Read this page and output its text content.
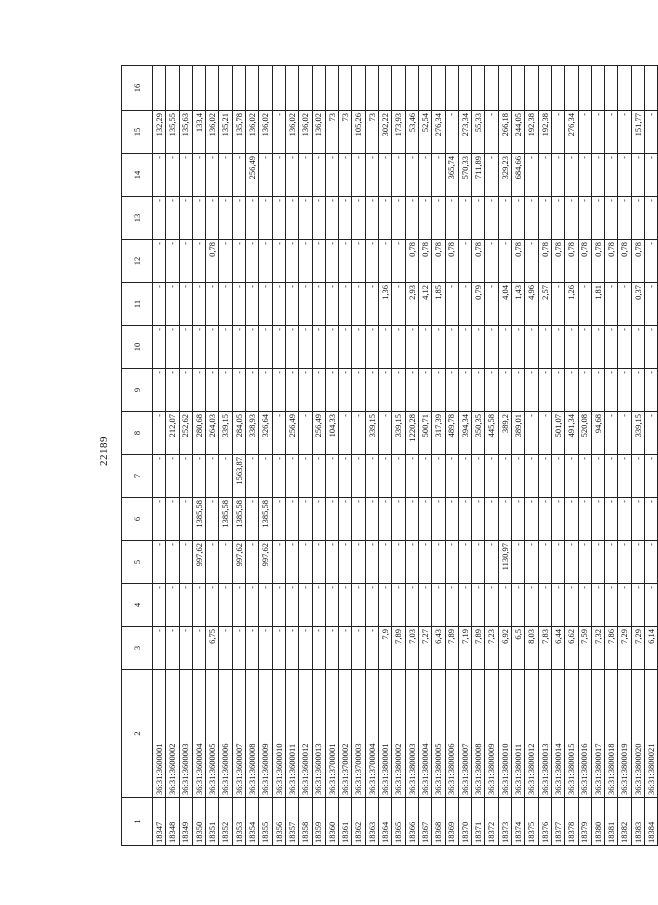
22189
1	2	3	4	5	6	7	8	9	10	11	12	13	14	15	16
18347	36:31:3600001	-	-	-	-	-	-	-	-	-	-	-	-	132,29	
18348	36:31:3600002	-	-	-	-	-	212,07	-	-	-	-	-	-	135,55	
18349	36:31:3600003	-	-	-	-	-	252,62	-	-	-	-	-	-	135,63	
18350	36:31:3600004	-	-	997,62	1385,58	-	280,68	-	-	-	-	-	-	133,4	
18351	36:31:3600005	6,75	-	-	-	-	264,03	-	-	-	0,78	-	-	136,02	
18352	36:31:3600006	-	-	-	1385,58	-	339,15	-	-	-	-	-	-	135,21	
18353	36:31:3600007	-	-	997,62	1385,58	1563,87	284,05	-	-	-	-	-	-	135,78	
18354	36:31:3600008	-	-	-	-	-	338,93	-	-	-	-	-	256,49	136,02	
18355	36:31:3600009	-	-	997,62	1385,58	-	326,64	-	-	-	-	-	-	136,02	
18356	36:31:3600010	-	-	-	-	-	-	-	-	-	-	-	-	-	
18357	36:31:3600011	-	-	-	-	-	256,49	-	-	-	-	-	-	136,02	
18358	36:31:3600012	-	-	-	-	-	-	-	-	-	-	-	-	136,02	
18359	36:31:3600013	-	-	-	-	-	256,49	-	-	-	-	-	-	136,02	
18360	36:31:3700001	-	-	-	-	-	104,33	-	-	-	-	-	-	73	
18361	36:31:3700002	-	-	-	-	-	-	-	-	-	-	-	-	73	
18362	36:31:3700003	-	-	-	-	-	-	-	-	-	-	-	-	105,26	
18363	36:31:3700004	-	-	-	-	-	339,15	-	-	-	-	-	-	73	
18364	36:31:3800001	7,9	-	-	-	-	-	-	-	1,36	-	-	-	302,22	
18365	36:31:3800002	7,89	-	-	-	-	339,15	-	-	-	-	-	-	173,93	
18366	36:31:3800003	7,03	-	-	-	-	1220,28	-	-	2,93	0,78	-	-	53,46	
18367	36:31:3800004	7,27	-	-	-	-	500,71	-	-	4,12	0,78	-	-	52,54	
18368	36:31:3800005	6,43	-	-	-	-	317,39	-	-	1,85	0,78	-	-	276,34	
18369	36:31:3800006	7,89	-	-	-	-	489,78	-	-	-	0,78	-	365,74	-	
18370	36:31:3800007	7,19	-	-	-	-	394,34	-	-	-	-	-	570,33	273,34	
18371	36:31:3800008	7,89	-	-	-	-	350,35	-	-	0,79	0,78	-	711,89	55,33	
18372	36:31:3800009	7,23	-	-	-	-	445,58	-	-	-	-	-	-	-	
18373	36:31:3800010	6,92	-	1130,97	-	-	389,2	-	-	4,04	-	-	329,23	266,18	
18374	36:31:3800011	6,5	-	-	-	-	389,01	-	-	1,43	0,78	-	684,66	244,05	
18375	36:31:3800012	8,03	-	-	-	-	-	-	-	4,96	-	-	-	192,38	
18376	36:31:3800013	7,83	-	-	-	-	-	-	-	2,57	0,78	-	-	192,38	
18377	36:31:3800014	6,44	-	-	-	-	501,07	-	-	-	0,78	-	-	-	
18378	36:31:3800015	6,62	-	-	-	-	491,34	-	-	1,26	0,78	-	-	276,34	
18379	36:31:3800016	7,59	-	-	-	-	520,08	-	-	-	0,78	-	-	-	
18380	36:31:3800017	7,32	-	-	-	-	94,68	-	-	1,81	0,78	-	-	-	
18381	36:31:3800018	7,86	-	-	-	-	-	-	-	-	0,78	-	-	-	
18382	36:31:3800019	7,29	-	-	-	-	-	-	-	-	0,78	-	-	-	
18383	36:31:3800020	7,29	-	-	-	-	339,15	-	-	0,37	0,78	-	-	151,77	
18384	36:31:3800021	6,14	-	-	-	-	-	-	-	-	-	-	-	-	
